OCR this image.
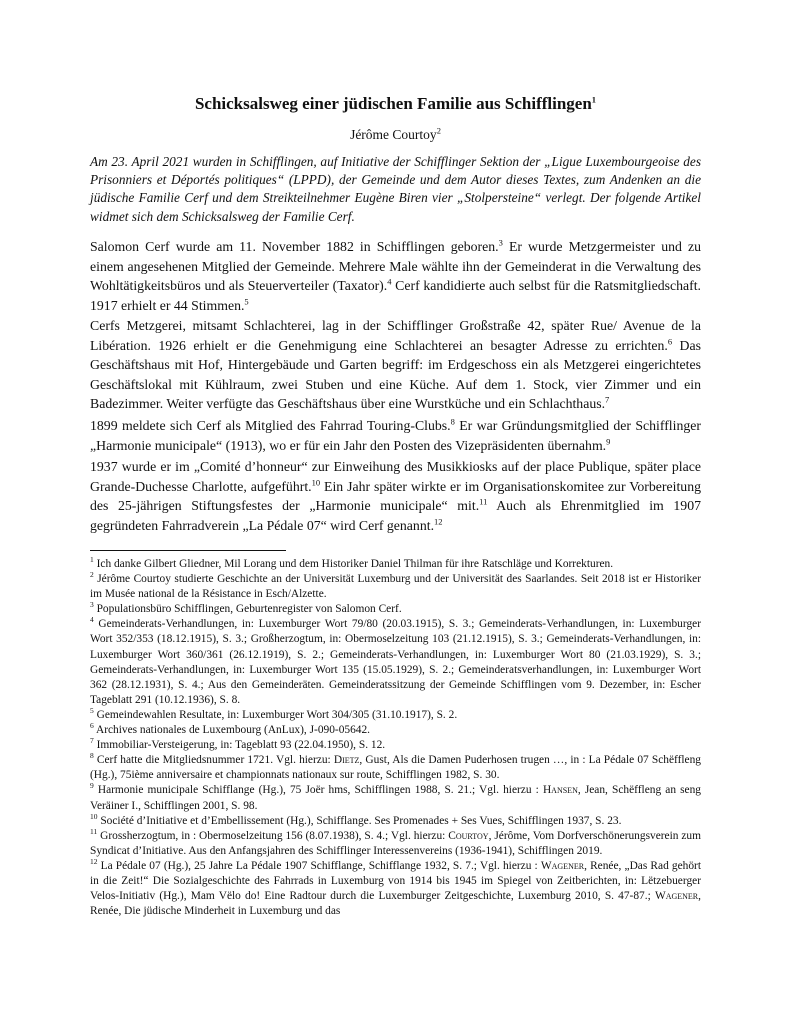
Schicksalsweg einer jüdischen Familie aus Schifflingen$^1$
Jérôme Courtoy$^2$

Am 23. April 2021 wurden in Schifflingen, auf Initiative der Schifflinger Sektion der „Ligue Luxembourgeoise des Prisonniers et Déportés politiques“ (LPPD), der Gemeinde und dem Autor dieses Textes, zum Andenken an die jüdische Familie Cerf und dem Streikteilnehmer Eugène Biren vier „Stolpersteine“ verlegt. Der folgende Artikel widmet sich dem Schicksalsweg der Familie Cerf.

Salomon Cerf wurde am 11. November 1882 in Schifflingen geboren.$^3$ Er wurde Metzgermeister und zu einem angesehenen Mitglied der Gemeinde. Mehrere Male wählte ihn der Gemeinderat in die Verwaltung des Wohltätigkeitsbüros und als Steuerverteiler (Taxator).$^4$ Cerf kandidierte auch selbst für die Ratsmitgliedschaft. 1917 erhielt er 44 Stimmen.$^5$

Cerfs Metzgerei, mitsamt Schlachterei, lag in der Schifflinger Großstraße 42, später Rue/ Avenue de la Libération. 1926 erhielt er die Genehmigung eine Schlachterei an besagter Adresse zu errichten.$^6$ Das Geschäftshaus mit Hof, Hintergebäude und Garten begriff: im Erdgeschoss ein als Metzgerei eingerichtetes Geschäftslokal mit Kühlraum, zwei Stuben und eine Küche. Auf dem 1. Stock, vier Zimmer und ein Badezimmer. Weiter verfügte das Geschäftshaus über eine Wurstküche und ein Schlachthaus.$^7$

1899 meldete sich Cerf als Mitglied des Fahrrad Touring-Clubs.$^8$ Er war Gründungsmitglied der Schifflinger „Harmonie municipale“ (1913), wo er für ein Jahr den Posten des Vizepräsidenten übernahm.$^9$

1937 wurde er im „Comité d’honneur“ zur Einweihung des Musikkiosks auf der place Publique, später place Grande-Duchesse Charlotte, aufgeführt.$^{10}$ Ein Jahr später wirkte er im Organisationskomitee zur Vorbereitung des 25-jährigen Stiftungsfestes der „Harmonie municipale“ mit.$^{11}$ Auch als Ehrenmitglied im 1907 gegründeten Fahrradverein „La Pédale 07“ wird Cerf genannt.$^{12}$

$^1$ Ich danke Gilbert Gliedner, Mil Lorang und dem Historiker Daniel Thilman für ihre Ratschläge und Korrekturen.

$^2$ Jérôme Courtoy studierte Geschichte an der Universität Luxemburg und der Universität des Saarlandes. Seit 2018 ist er Historiker im Musée national de la Résistance in Esch/Alzette.

$^3$ Populationsbüro Schifflingen, Geburtenregister von Salomon Cerf.

$^4$ Gemeinderats-Verhandlungen, in: Luxemburger Wort 79/80 (20.03.1915), S. 3.; Gemeinderats-Verhandlungen, in: Luxemburger Wort 352/353 (18.12.1915), S. 3.; Großherzogtum, in: Obermoselzeitung 103 (21.12.1915), S. 3.; Gemeinderats-Verhandlungen, in: Luxemburger Wort 360/361 (26.12.1919), S. 2.; Gemeinderats-Verhandlungen, in: Luxemburger Wort 80 (21.03.1929), S. 3.; Gemeinderats-Verhandlungen, in: Luxemburger Wort 135 (15.05.1929), S. 2.; Gemeinderatsverhandlungen, in: Luxemburger Wort 362 (28.12.1931), S. 4.; Aus den Gemeinderäten. Gemeinderatssitzung der Gemeinde Schifflingen vom 9. Dezember, in: Escher Tageblatt 291 (10.12.1936), S. 8.

$^5$ Gemeindewahlen Resultate, in: Luxemburger Wort 304/305 (31.10.1917), S. 2.

$^6$ Archives nationales de Luxembourg (AnLux), J-090-05642.

$^7$ Immobiliar-Versteigerung, in: Tageblatt 93 (22.04.1950), S. 12.

$^8$ Cerf hatte die Mitgliedsnummer 1721. Vgl. hierzu: Dietz, Gust, Als die Damen Puderhosen trugen …, in : La Pédale 07 Schëffleng (Hg.), 75ième anniversaire et championnats nationaux sur route, Schifflingen 1982, S. 30.

$^9$ Harmonie municipale Schifflange (Hg.), 75 Joër hms, Schifflingen 1988, S. 21.; Vgl. hierzu : Hansen, Jean, Schëffleng an seng Veräiner I., Schifflingen 2001, S. 98.

$^{10}$ Société d’Initiative et d’Embellissement (Hg.), Schifflange. Ses Promenades + Ses Vues, Schifflingen 1937, S. 23.

$^{11}$ Grossherzogtum, in : Obermoselzeitung 156 (8.07.1938), S. 4.; Vgl. hierzu: Courtoy, Jérôme, Vom Dorfverschönerungsverein zum Syndicat d’Initiative. Aus den Anfangsjahren des Schifflinger Interessenvereins (1936-1941), Schifflingen 2019.

$^{12}$ La Pédale 07 (Hg.), 25 Jahre La Pédale 1907 Schifflange, Schifflange 1932, S. 7.; Vgl. hierzu : Wagener, Renée, „Das Rad gehört in die Zeit!“ Die Sozialgeschichte des Fahrrads in Luxemburg von 1914 bis 1945 im Spiegel von Zeitberichten, in: Lëtzebuerger Velos-Initiativ (Hg.), Mam Vëlo do! Eine Radtour durch die Luxemburger Zeitgeschichte, Luxemburg 2010, S. 47-87.; Wagener, Renée, Die jüdische Minderheit in Luxemburg und das
